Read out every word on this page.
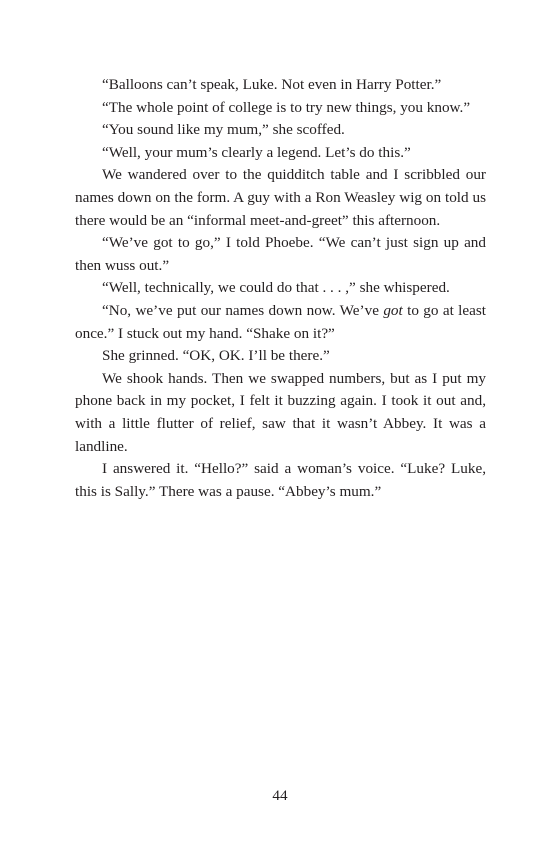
“Balloons can’t speak, Luke. Not even in Harry Potter.”

“The whole point of college is to try new things, you know.”

“You sound like my mum,” she scoffed.

“Well, your mum’s clearly a legend. Let’s do this.”

We wandered over to the quidditch table and I scribbled our names down on the form. A guy with a Ron Weasley wig on told us there would be an “informal meet-and-greet” this afternoon.

“We’ve got to go,” I told Phoebe. “We can’t just sign up and then wuss out.”

“Well, technically, we could do that . . . ,” she whispered.

“No, we’ve put our names down now. We’ve got to go at least once.” I stuck out my hand. “Shake on it?”

She grinned. “OK, OK. I’ll be there.”

We shook hands. Then we swapped numbers, but as I put my phone back in my pocket, I felt it buzzing again. I took it out and, with a little flutter of relief, saw that it wasn’t Abbey. It was a landline.

I answered it. “Hello?” said a woman’s voice. “Luke? Luke, this is Sally.” There was a pause. “Abbey’s mum.”

44
